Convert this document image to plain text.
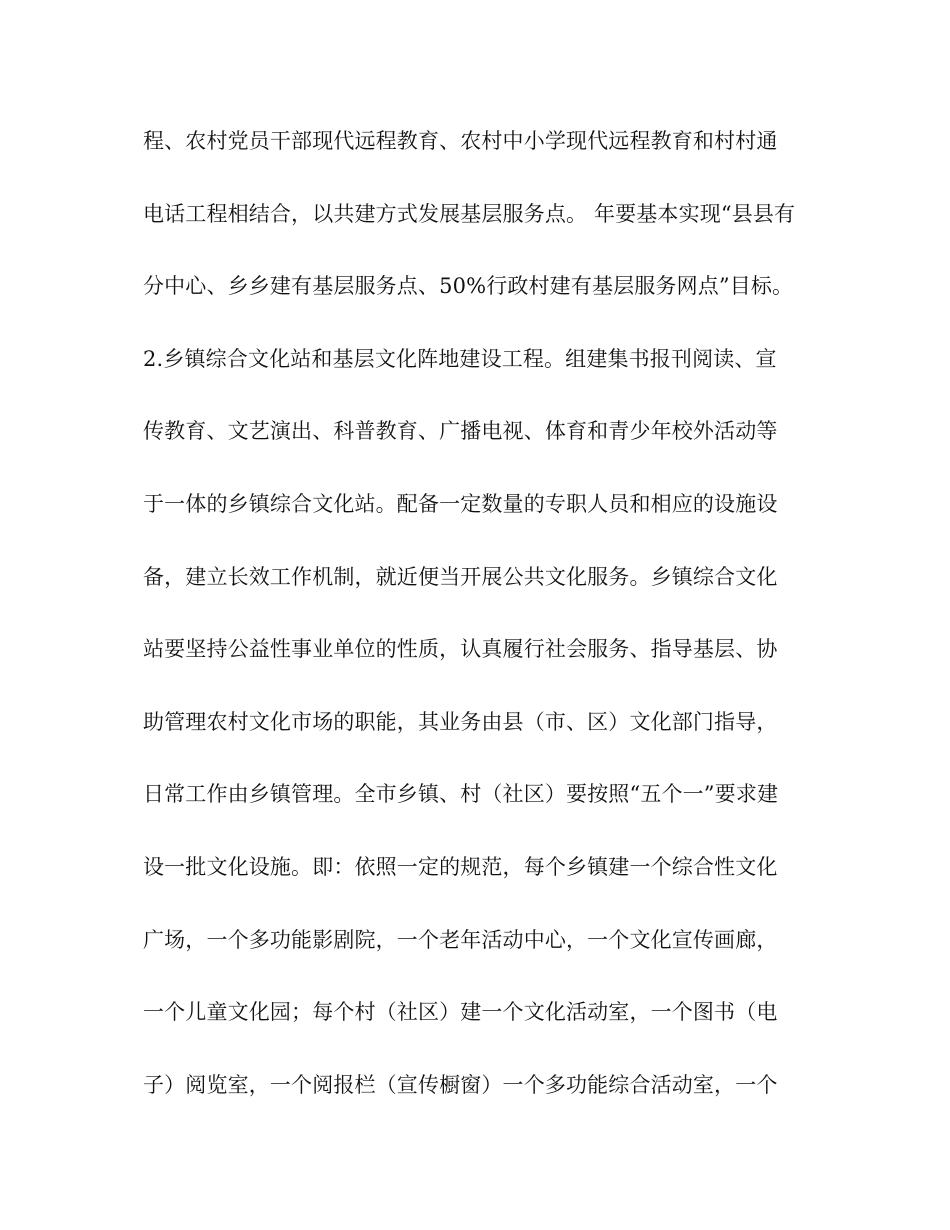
程、农村党员干部现代远程教育、农村中小学现代远程教育和村村通
电话工程相结合，以共建方式发展基层服务点。 年要基本实现“县县有
分中心、乡乡建有基层服务点、50%行政村建有基层服务网点”目标。
2.乡镇综合文化站和基层文化阵地建设工程。组建集书报刊阅读、宣
传教育、文艺演出、科普教育、广播电视、体育和青少年校外活动等
于一体的乡镇综合文化站。配备一定数量的专职人员和相应的设施设
备，建立长效工作机制，就近便当开展公共文化服务。乡镇综合文化
站要坚持公益性事业单位的性质，认真履行社会服务、指导基层、协
助管理农村文化市场的职能，其业务由县（市、区）文化部门指导，
日常工作由乡镇管理。全市乡镇、村（社区）要按照“五个一”要求建
设一批文化设施。即：依照一定的规范，每个乡镇建一个综合性文化
广场，一个多功能影剧院，一个老年活动中心，一个文化宣传画廊，
一个儿童文化园；每个村（社区）建一个文化活动室，一个图书（电
子）阅览室，一个阅报栏（宣传橱窗）一个多功能综合活动室，一个
